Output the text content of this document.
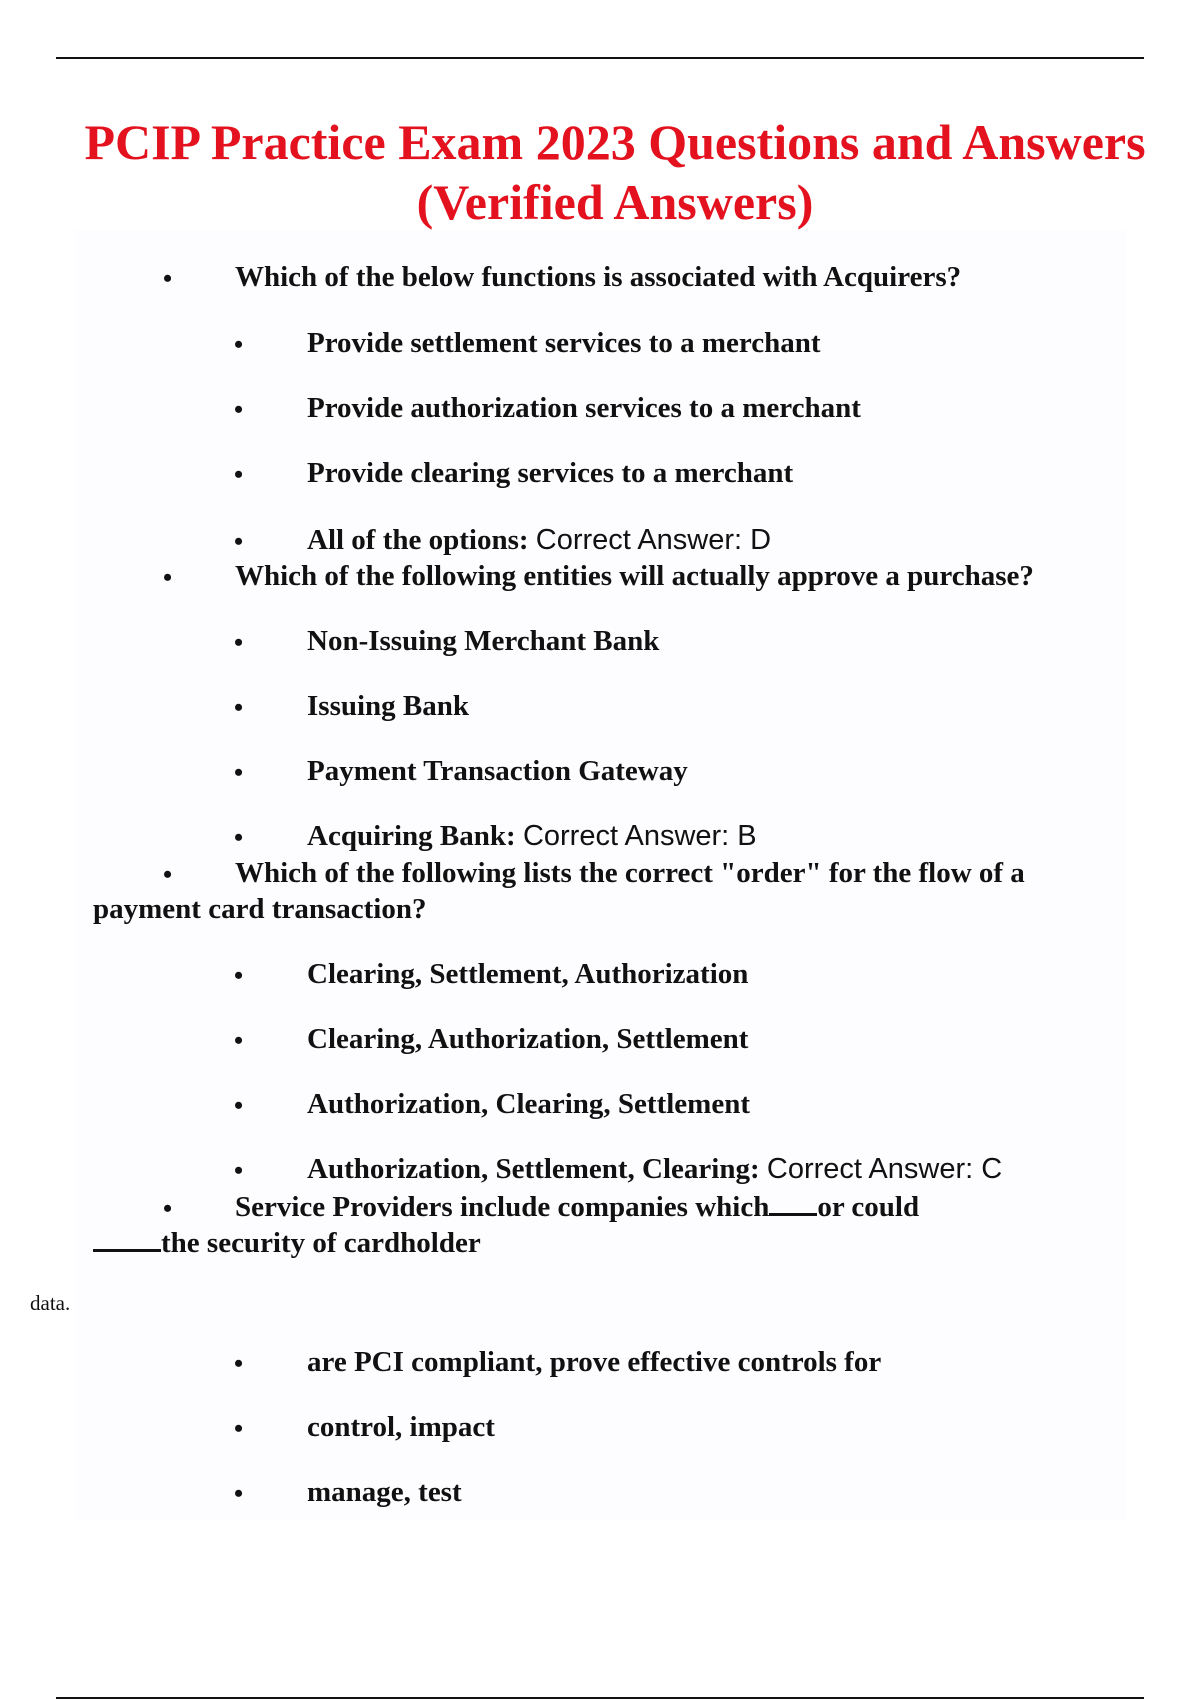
PCIP Practice Exam 2023 Questions and Answers
(Verified Answers)
• Which of the below functions is associated with Acquirers?
• Provide settlement services to a merchant
• Provide authorization services to a merchant
• Provide clearing services to a merchant
• All of the options: Correct Answer: D
• Which of the following entities will actually approve a purchase?
• Non-Issuing Merchant Bank
• Issuing Bank
• Payment Transaction Gateway
• Acquiring Bank: Correct Answer: B
• Which of the following lists the correct "order" for the flow of a
payment card transaction?
• Clearing, Settlement, Authorization
• Clearing, Authorization, Settlement
• Authorization, Clearing, Settlement
• Authorization, Settlement, Clearing: Correct Answer: C
• Service Providers include companies which or could
the security of cardholder
data.
• are PCI compliant, prove effective controls for
• control, impact
• manage, test
